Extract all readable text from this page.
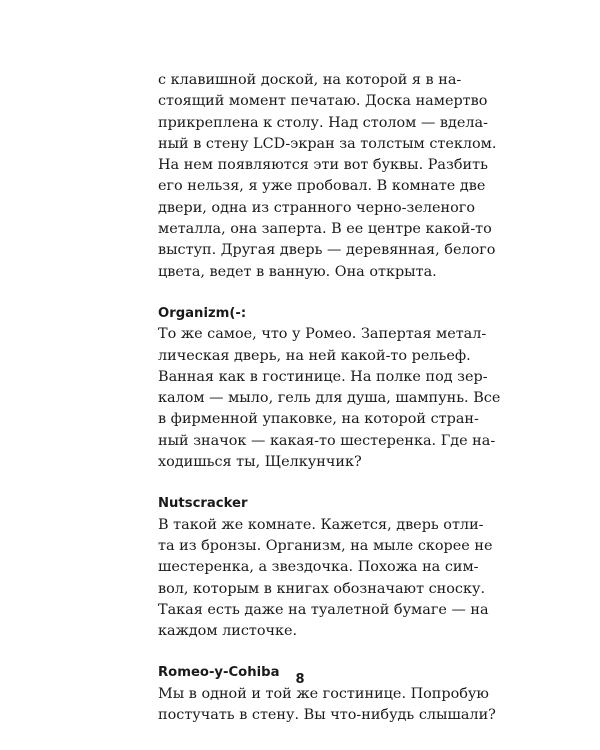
с клавишной доской, на которой я в на-
стоящий момент печатаю. Доска намертво
прикреплена к столу. Над столом — вдела-
ный в стену LCD-экран за толстым стеклом.
На нем появляются эти вот буквы. Разбить
его нельзя, я уже пробовал. В комнате две
двери, одна из странного черно-зеленого
металла, она заперта. В ее центре какой-то
выступ. Другая дверь — деревянная, белого
цвета, ведет в ванную. Она открыта.
Organizm(-:
То же самое, что у Ромео. Запертая метал-
лическая дверь, на ней какой-то рельеф.
Ванная как в гостинице. На полке под зер-
калом — мыло, гель для душа, шампунь. Все
в фирменной упаковке, на которой стран-
ный значок — какая-то шестеренка. Где на-
ходишься ты, Щелкунчик?
Nutscracker
В такой же комнате. Кажется, дверь отли-
та из бронзы. Организм, на мыле скорее не
шестеренка, а звездочка. Похожа на сим-
вол, которым в книгах обозначают сноску.
Такая есть даже на туалетной бумаге — на
каждом листочке.
Romeo-y-Cohiba
Мы в одной и той же гостинице. Попробую
постучать в стену. Вы что-нибудь слышали?
8
